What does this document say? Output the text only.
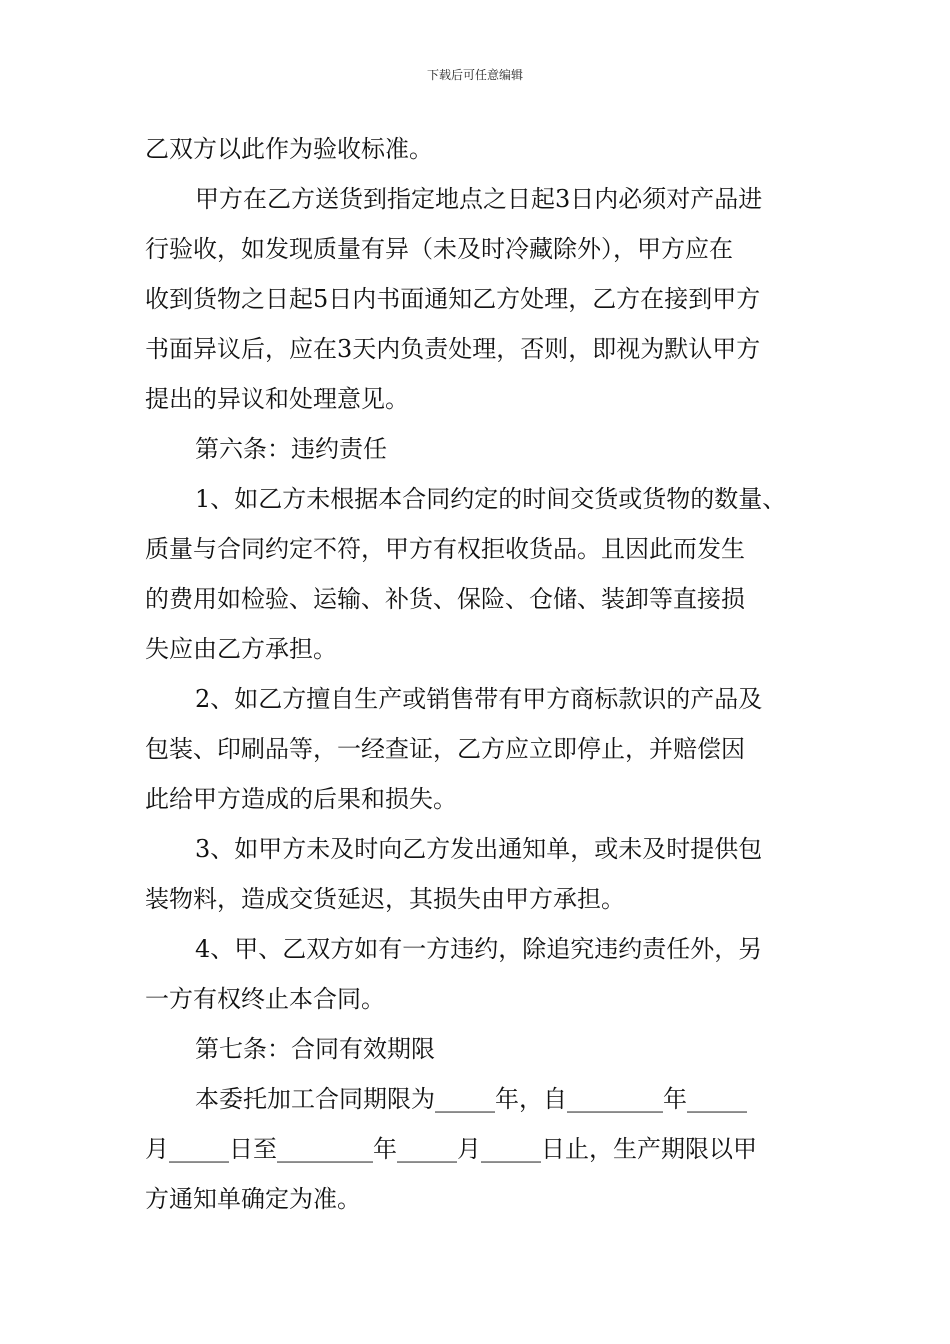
下载后可任意编辑
乙双方以此作为验收标准。
甲方在乙方送货到指定地点之日起3日内必须对产品进
行验收，如发现质量有异（未及时冷藏除外），甲方应在
收到货物之日起5日内书面通知乙方处理，乙方在接到甲方
书面异议后，应在3天内负责处理，否则，即视为默认甲方
提出的异议和处理意见。
第六条：违约责任
1、如乙方未根据本合同约定的时间交货或货物的数量、
质量与合同约定不符，甲方有权拒收货品。且因此而发生
的费用如检验、运输、补货、保险、仓储、装卸等直接损
失应由乙方承担。
2、如乙方擅自生产或销售带有甲方商标款识的产品及
包装、印刷品等，一经查证，乙方应立即停止，并赔偿因
此给甲方造成的后果和损失。
3、如甲方未及时向乙方发出通知单，或未及时提供包
装物料，造成交货延迟，其损失由甲方承担。
4、甲、乙双方如有一方违约，除追究违约责任外，另
一方有权终止本合同。
第七条：合同有效期限
本委托加工合同期限为_____年，自________年_____
月_____日至________年_____月_____日止，生产期限以甲
方通知单确定为准。
